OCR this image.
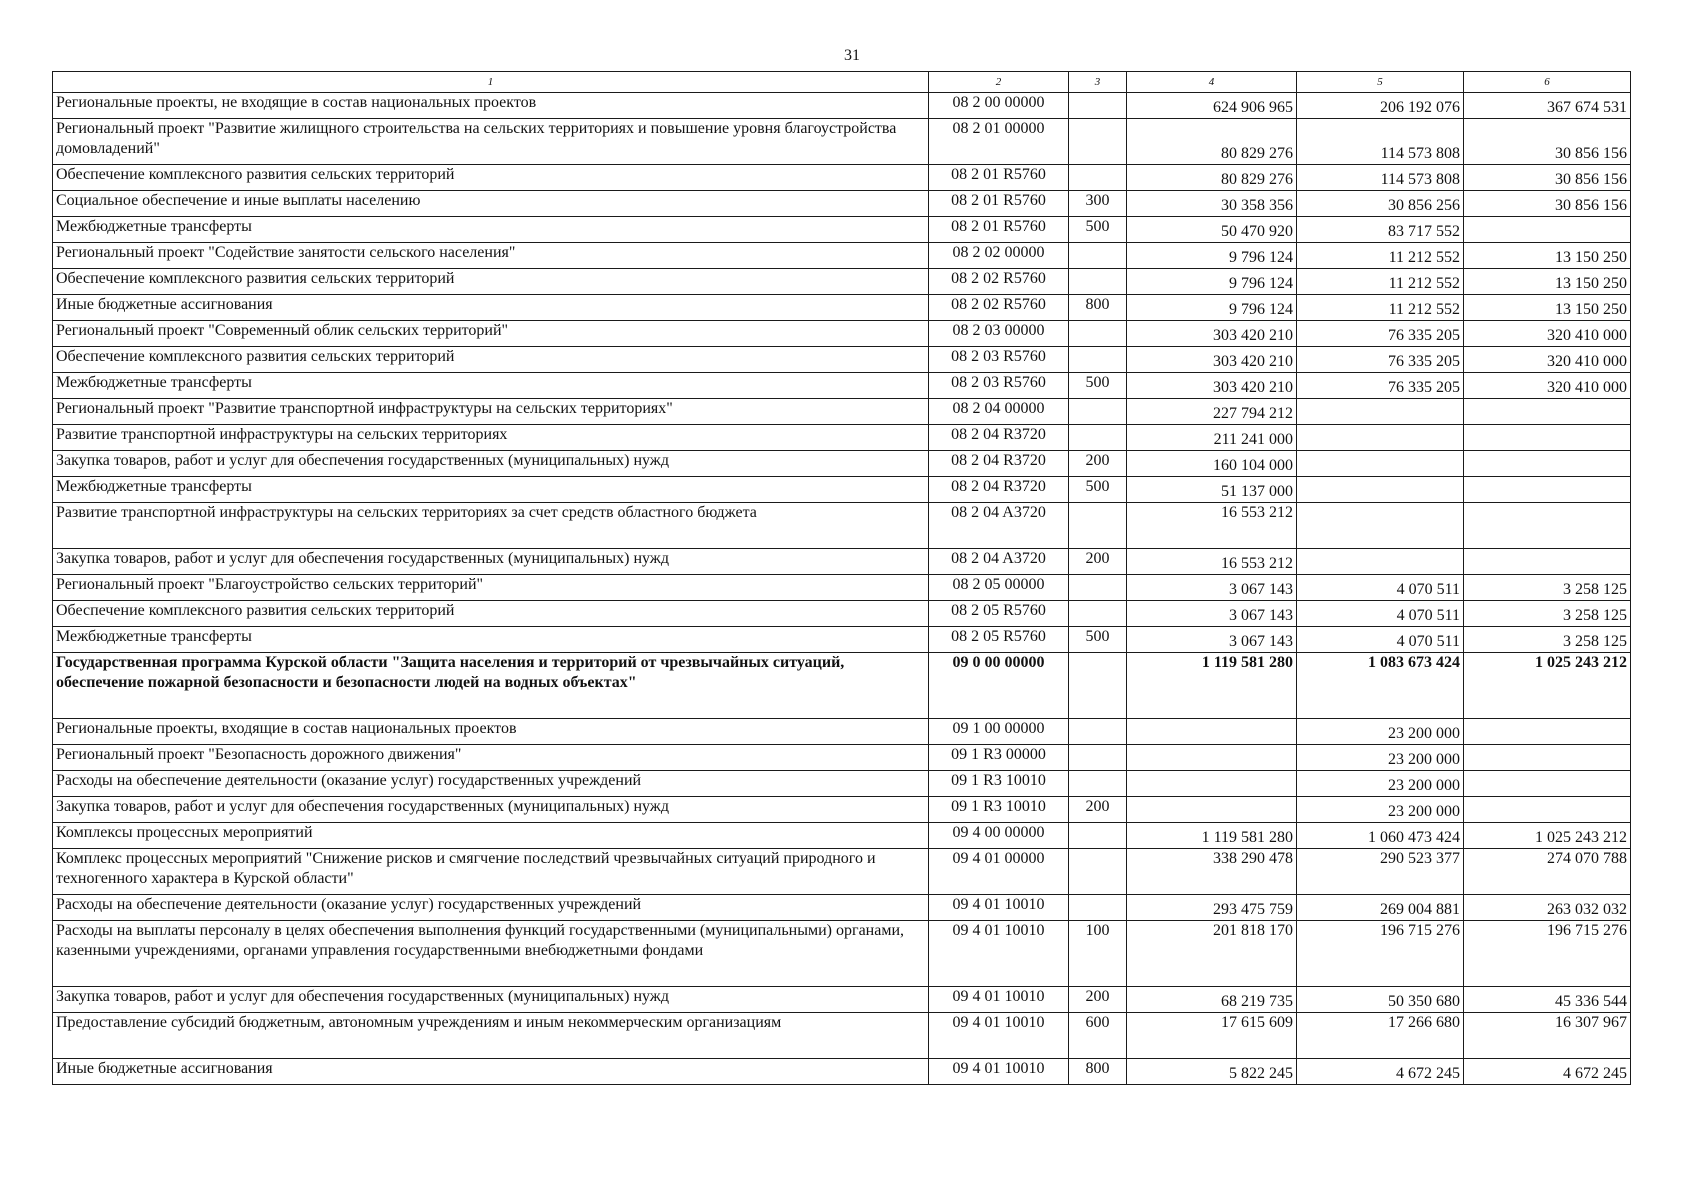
31
1	2	3	4	5	6
Региональные проекты, не входящие в состав национальных проектов	08 2 00 00000		624 906 965	206 192 076	367 674 531
Региональный проект "Развитие жилищного строительства на сельских территориях и повышение уровня благоустройства домовладений"	08 2 01 00000		80 829 276	114 573 808	30 856 156
Обеспечение комплексного развития сельских территорий	08 2 01 R5760		80 829 276	114 573 808	30 856 156
Социальное обеспечение и иные выплаты населению	08 2 01 R5760	300	30 358 356	30 856 256	30 856 156
Межбюджетные трансферты	08 2 01 R5760	500	50 470 920	83 717 552	
Региональный проект "Содействие занятости сельского населения"	08 2 02 00000		9 796 124	11 212 552	13 150 250
Обеспечение комплексного развития сельских территорий	08 2 02 R5760		9 796 124	11 212 552	13 150 250
Иные бюджетные ассигнования	08 2 02 R5760	800	9 796 124	11 212 552	13 150 250
Региональный проект "Современный облик сельских территорий"	08 2 03 00000		303 420 210	76 335 205	320 410 000
Обеспечение комплексного развития сельских территорий	08 2 03 R5760		303 420 210	76 335 205	320 410 000
Межбюджетные трансферты	08 2 03 R5760	500	303 420 210	76 335 205	320 410 000
Региональный проект "Развитие транспортной инфраструктуры на сельских территориях"	08 2 04 00000		227 794 212		
Развитие транспортной инфраструктуры на сельских территориях	08 2 04 R3720		211 241 000		
Закупка товаров, работ и услуг для обеспечения государственных (муниципальных) нужд	08 2 04 R3720	200	160 104 000		
Межбюджетные трансферты	08 2 04 R3720	500	51 137 000		
Развитие транспортной инфраструктуры на сельских территориях за счет средств областного бюджета	08 2 04 A3720		16 553 212		
Закупка товаров, работ и услуг для обеспечения государственных (муниципальных) нужд	08 2 04 A3720	200	16 553 212		
Региональный проект "Благоустройство сельских территорий"	08 2 05 00000		3 067 143	4 070 511	3 258 125
Обеспечение комплексного развития сельских территорий	08 2 05 R5760		3 067 143	4 070 511	3 258 125
Межбюджетные трансферты	08 2 05 R5760	500	3 067 143	4 070 511	3 258 125
Государственная программа Курской области "Защита населения и территорий от чрезвычайных ситуаций, обеспечение пожарной безопасности и безопасности людей на водных объектах"	09 0 00 00000		1 119 581 280	1 083 673 424	1 025 243 212
Региональные проекты, входящие в состав национальных проектов	09 1 00 00000			23 200 000	
Региональный проект "Безопасность дорожного движения"	09 1 R3 00000			23 200 000	
Расходы на обеспечение деятельности (оказание услуг) государственных учреждений	09 1 R3 10010			23 200 000	
Закупка товаров, работ и услуг для обеспечения государственных (муниципальных) нужд	09 1 R3 10010	200		23 200 000	
Комплексы процессных мероприятий	09 4 00 00000		1 119 581 280	1 060 473 424	1 025 243 212
Комплекс процессных мероприятий "Снижение рисков и смягчение последствий чрезвычайных ситуаций природного и техногенного характера в Курской области"	09 4 01 00000		338 290 478	290 523 377	274 070 788
Расходы на обеспечение деятельности (оказание услуг) государственных учреждений	09 4 01 10010		293 475 759	269 004 881	263 032 032
Расходы на выплаты персоналу в целях обеспечения выполнения функций государственными (муниципальными) органами, казенными учреждениями, органами управления государственными внебюджетными фондами	09 4 01 10010	100	201 818 170	196 715 276	196 715 276
Закупка товаров, работ и услуг для обеспечения государственных (муниципальных) нужд	09 4 01 10010	200	68 219 735	50 350 680	45 336 544
Предоставление субсидий бюджетным, автономным учреждениям и иным некоммерческим организациям	09 4 01 10010	600	17 615 609	17 266 680	16 307 967
Иные бюджетные ассигнования	09 4 01 10010	800	5 822 245	4 672 245	4 672 245
